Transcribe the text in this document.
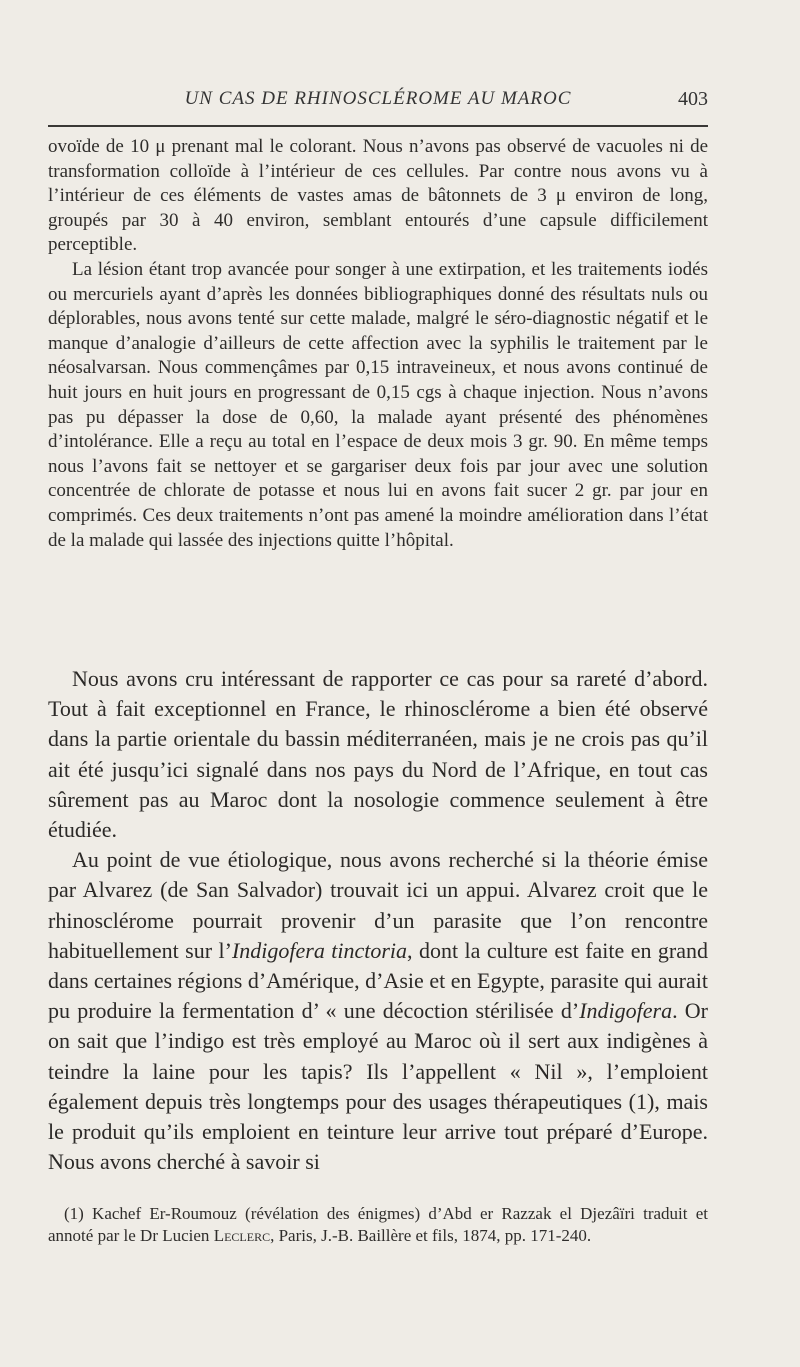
UN CAS DE RHINOSCLÉROME AU MAROC	403

ovoïde de 10 μ prenant mal le colorant. Nous n’avons pas observé de vacuoles ni de transformation colloïde à l’intérieur de ces cellules. Par contre nous avons vu à l’intérieur de ces éléments de vastes amas de bâtonnets de 3 μ environ de long, groupés par 30 à 40 environ, semblant entourés d’une capsule difficilement perceptible.

La lésion étant trop avancée pour songer à une extirpation, et les traitements iodés ou mercuriels ayant d’après les données bibliographiques donné des résultats nuls ou déplorables, nous avons tenté sur cette malade, malgré le séro-diagnostic négatif et le manque d’analogie d’ailleurs de cette affection avec la syphilis le traitement par le néosalvarsan. Nous commençâmes par 0,15 intraveineux, et nous avons continué de huit jours en huit jours en progressant de 0,15 cgs à chaque injection. Nous n’avons pas pu dépasser la dose de 0,60, la malade ayant présenté des phénomènes d’intolérance. Elle a reçu au total en l’espace de deux mois 3 gr. 90. En même temps nous l’avons fait se nettoyer et se gargariser deux fois par jour avec une solution concentrée de chlorate de potasse et nous lui en avons fait sucer 2 gr. par jour en comprimés. Ces deux traitements n’ont pas amené la moindre amélioration dans l’état de la malade qui lassée des injections quitte l’hôpital.

Nous avons cru intéressant de rapporter ce cas pour sa rareté d’abord. Tout à fait exceptionnel en France, le rhinosclérome a bien été observé dans la partie orientale du bassin méditerranéen, mais je ne crois pas qu’il ait été jusqu’ici signalé dans nos pays du Nord de l’Afrique, en tout cas sûrement pas au Maroc dont la nosologie commence seulement à être étudiée.

Au point de vue étiologique, nous avons recherché si la théorie émise par Alvarez (de San Salvador) trouvait ici un appui. Alvarez croit que le rhinosclérome pourrait provenir d’un parasite que l’on rencontre habituellement sur l’Indigofera tinctoria, dont la culture est faite en grand dans certaines régions d’Amérique, d’Asie et en Egypte, parasite qui aurait pu produire la fermentation d’ « une décoction stérilisée d’Indigofera. Or on sait que l’indigo est très employé au Maroc où il sert aux indigènes à teindre la laine pour les tapis? Ils l’appellent « Nil », l’emploient également depuis très longtemps pour des usages thérapeutiques (1), mais le produit qu’ils emploient en teinture leur arrive tout préparé d’Europe. Nous avons cherché à savoir si

(1) Kachef Er-Roumouz (révélation des énigmes) d’Abd er Razzak el Djezâïri traduit et annoté par le Dr Lucien Leclerc, Paris, J.-B. Baillère et fils, 1874, pp. 171-240.
